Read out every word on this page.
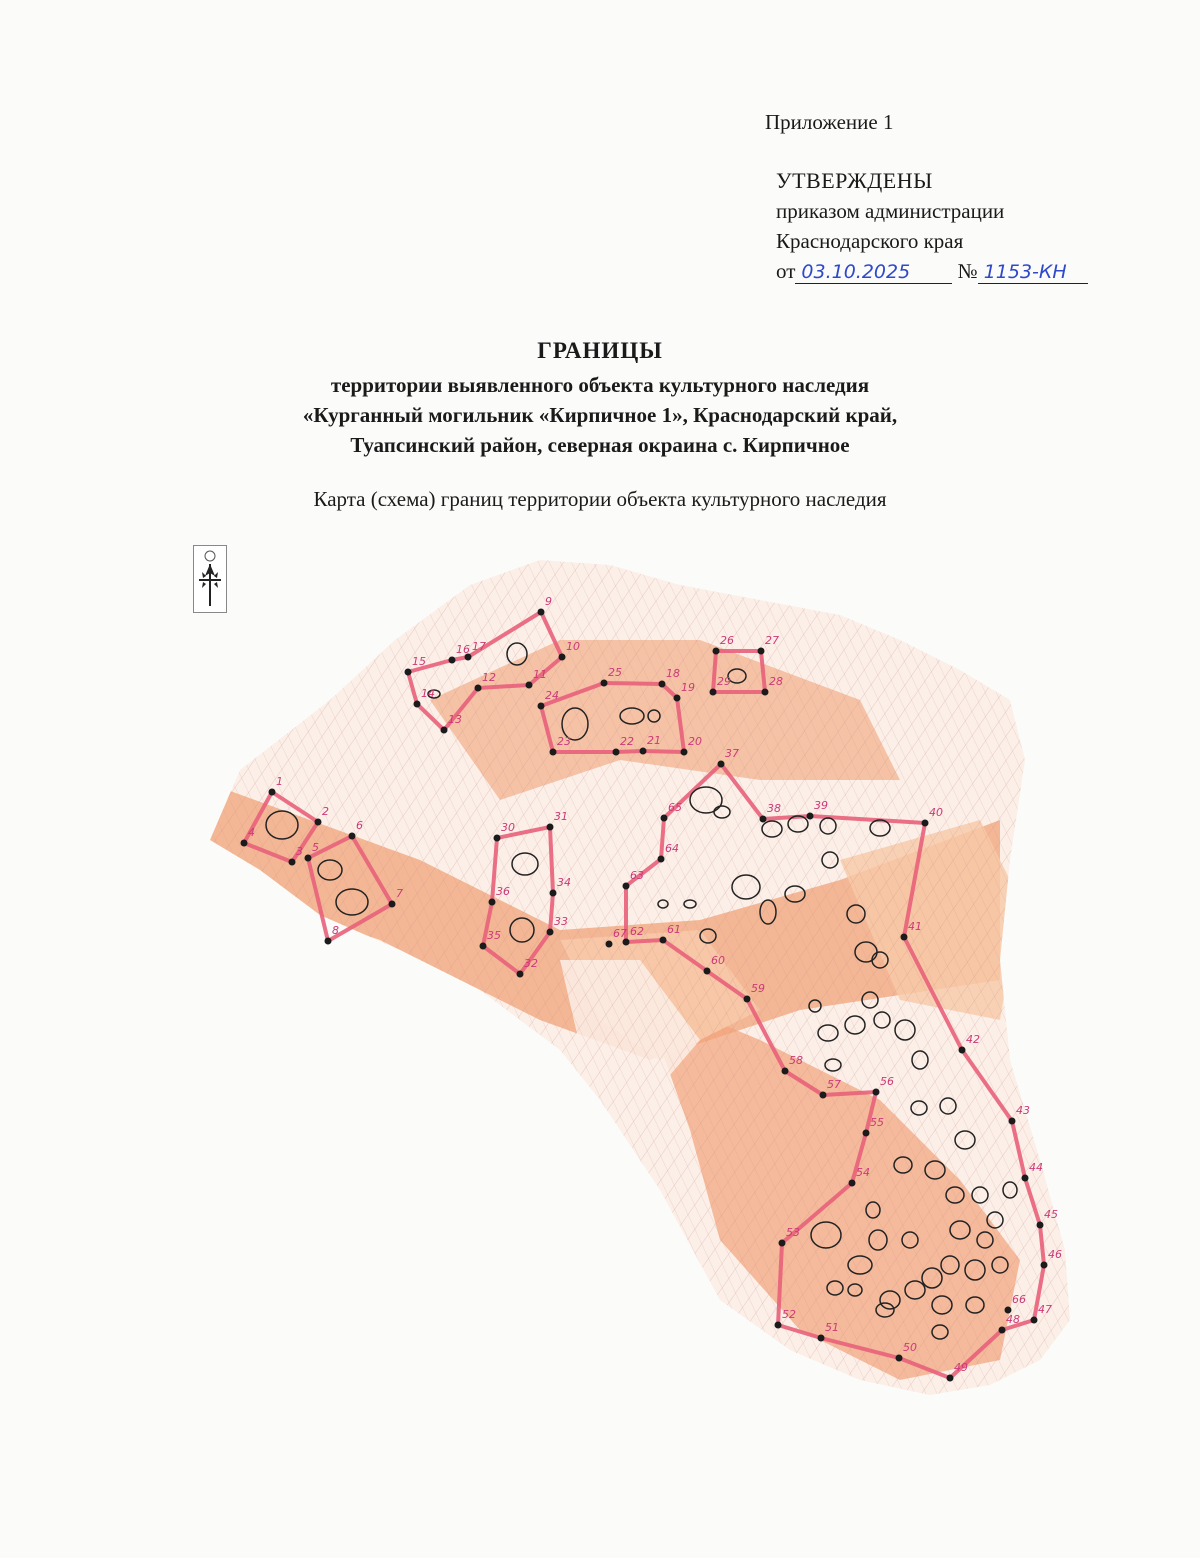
Приложение 1
УТВЕРЖДЕНЫ
приказом администрации
Краснодарского края
от 03.10.2025 № 1153-КН
ГРАНИЦЫ
территории выявленного объекта культурного наследия
«Курганный могильник «Кирпичное 1», Краснодарский край,
Туапсинский район, северная окраина с. Кирпичное
Карта (схема) границ территории объекта культурного наследия
1
2
3
4
5
6
7
8
9
10
11
12
13
14
15
16 17
18
19
20
21
22
23
24
25
26	27
28
29
30
31
32
33
34
35
36
37
38	39
40
41
42
43
44
45
46
47
48
49
50
51
52
53
54
55
56
57
58
59
60
61
62
63
64
65
66
67
